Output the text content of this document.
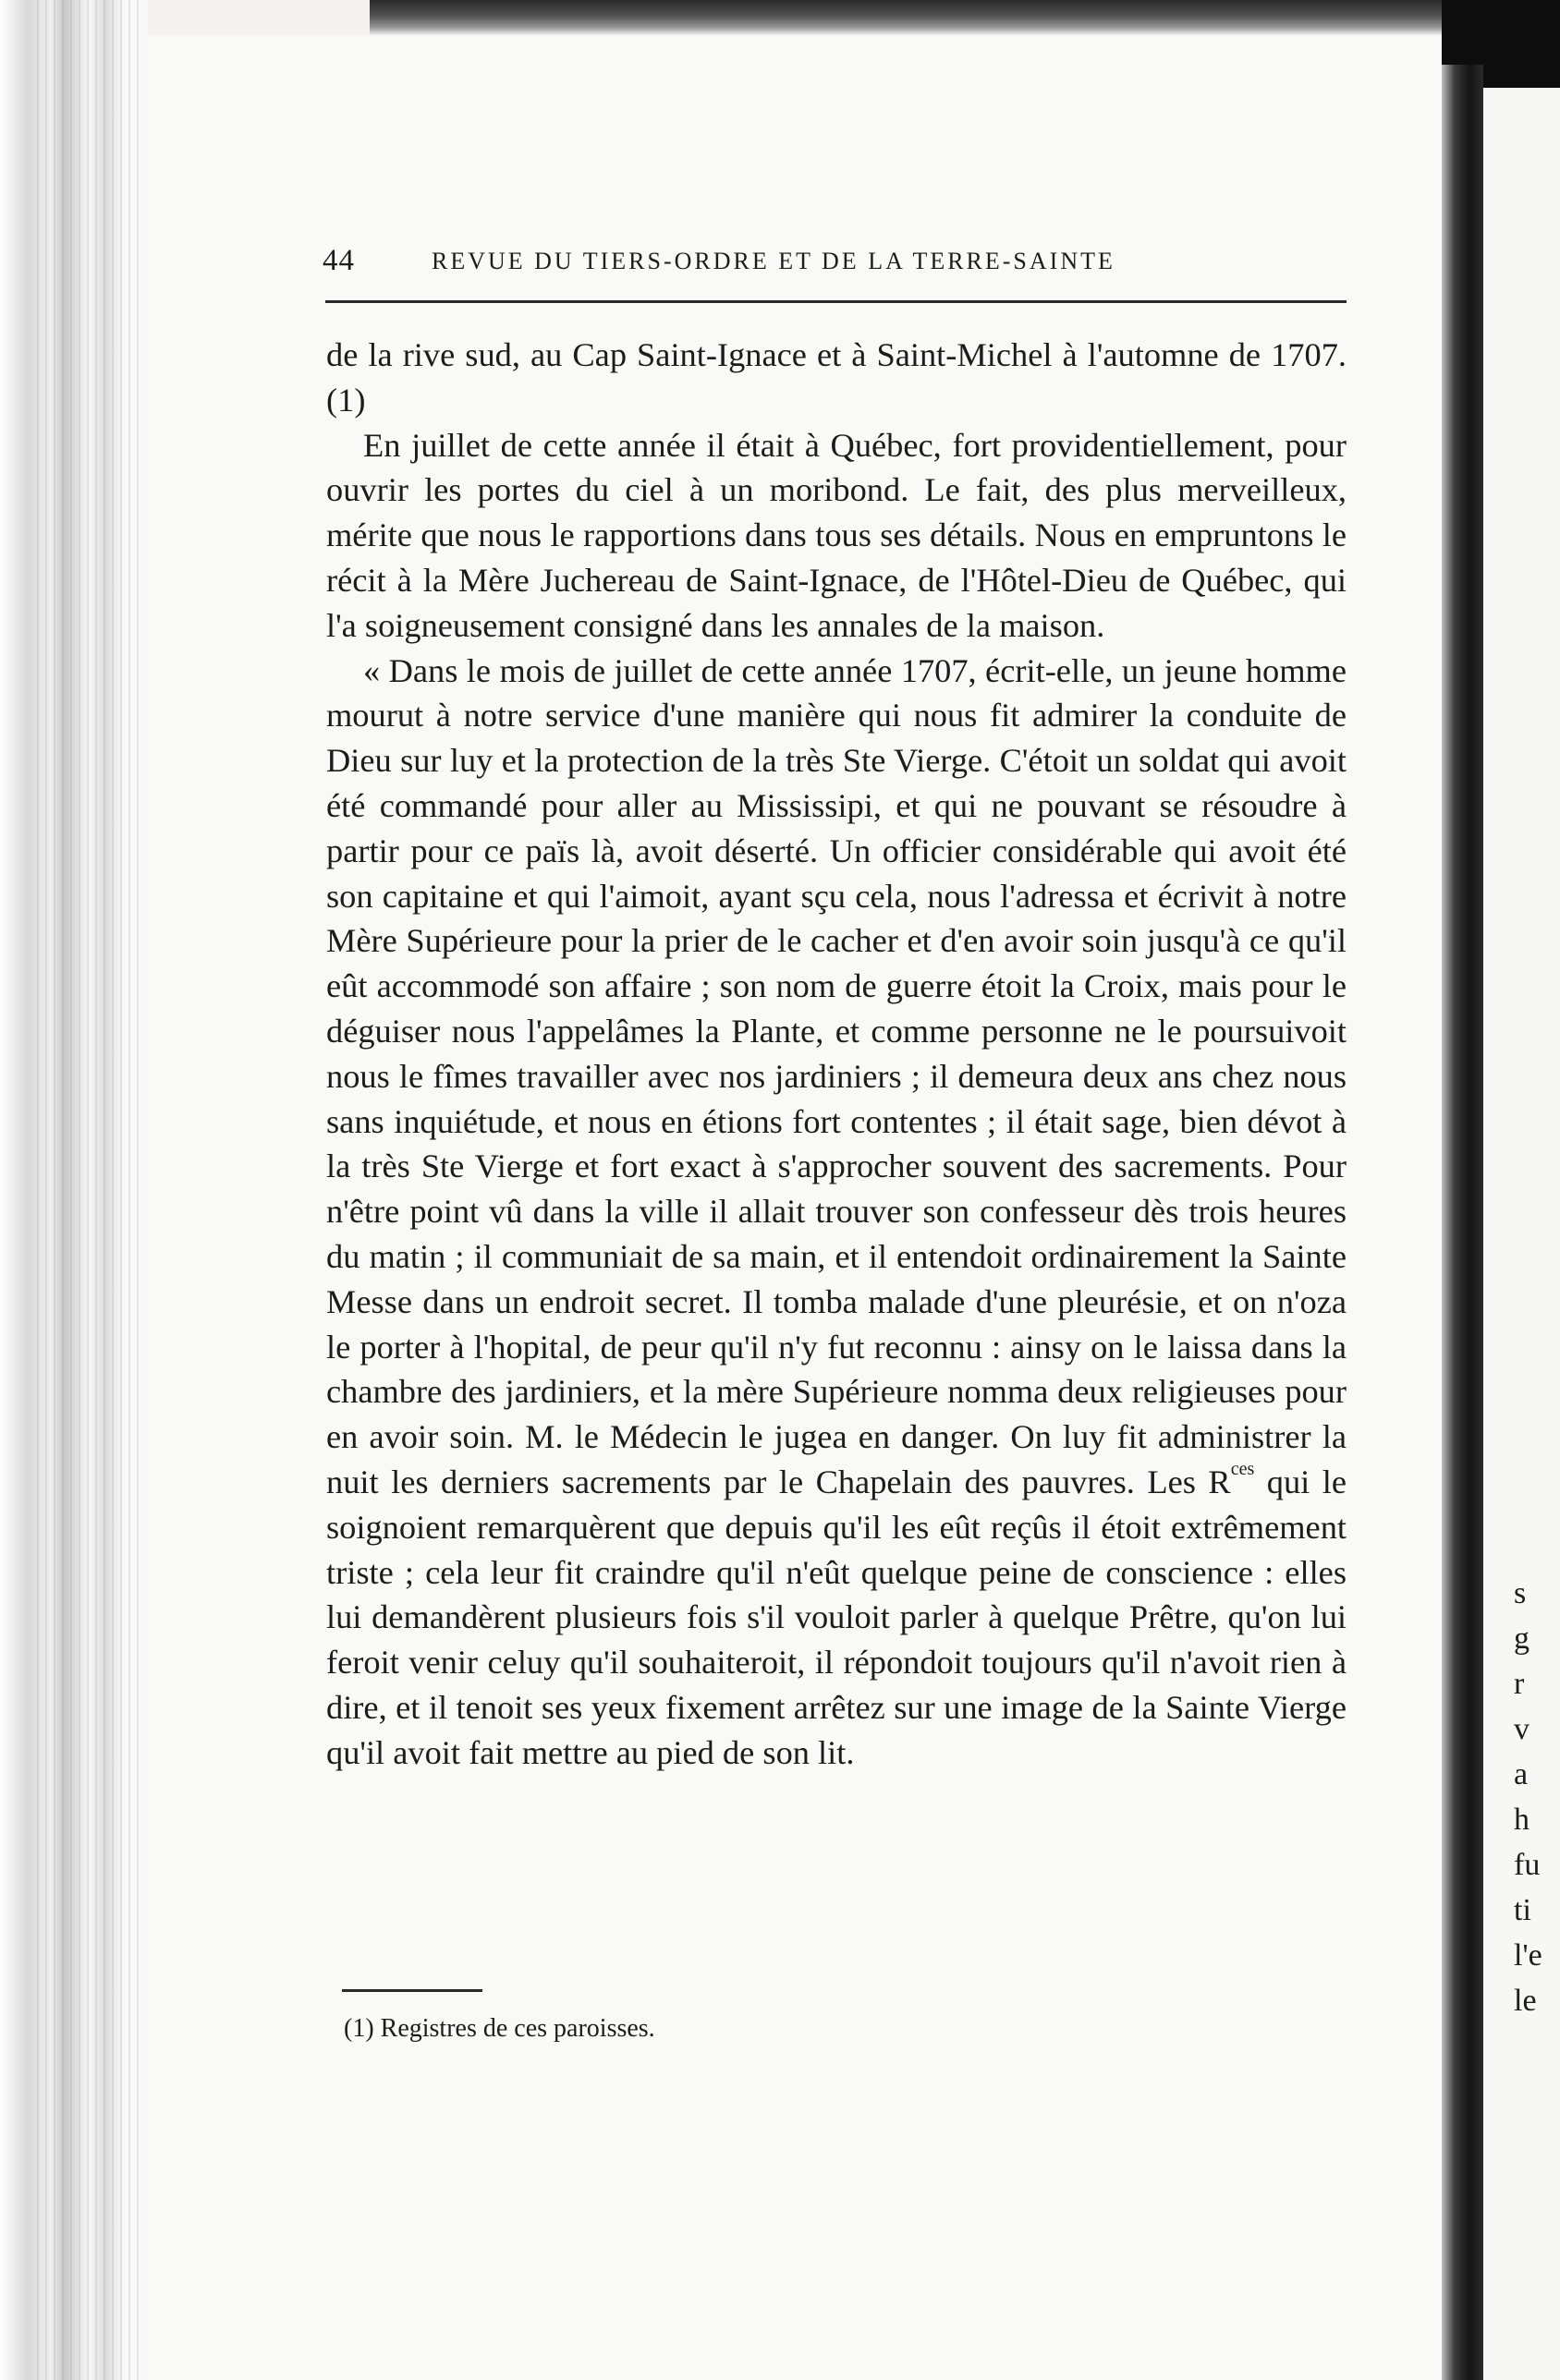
s
g
r
v
a
h
fu
ti
l'e
le
44	REVUE DU TIERS-ORDRE ET DE LA TERRE-SAINTE

de la rive sud, au Cap Saint-Ignace et à Saint-Michel à l'automne de 1707. (1)

En juillet de cette année il était à Québec, fort providentiellement, pour ouvrir les portes du ciel à un moribond. Le fait, des plus merveilleux, mérite que nous le rapportions dans tous ses détails. Nous en empruntons le récit à la Mère Juchereau de Saint-Ignace, de l'Hôtel-Dieu de Québec, qui l'a soigneusement consigné dans les annales de la maison.

« Dans le mois de juillet de cette année 1707, écrit-elle, un jeune homme mourut à notre service d'une manière qui nous fit admirer la conduite de Dieu sur luy et la protection de la très Ste Vierge. C'étoit un soldat qui avoit été commandé pour aller au Mississipi, et qui ne pouvant se résoudre à partir pour ce païs là, avoit déserté. Un officier considérable qui avoit été son capitaine et qui l'aimoit, ayant sçu cela, nous l'adressa et écrivit à notre Mère Supérieure pour la prier de le cacher et d'en avoir soin jusqu'à ce qu'il eût accommodé son affaire ; son nom de guerre étoit la Croix, mais pour le déguiser nous l'appelâmes la Plante, et comme personne ne le poursuivoit nous le fîmes travailler avec nos jardiniers ; il demeura deux ans chez nous sans inquiétude, et nous en étions fort contentes ; il était sage, bien dévot à la très Ste Vierge et fort exact à s'approcher souvent des sacrements. Pour n'être point vû dans la ville il allait trouver son confesseur dès trois heures du matin ; il communiait de sa main, et il entendoit ordinairement la Sainte Messe dans un endroit secret. Il tomba malade d'une pleurésie, et on n'oza le porter à l'hopital, de peur qu'il n'y fut reconnu : ainsy on le laissa dans la chambre des jardiniers, et la mère Supérieure nomma deux religieuses pour en avoir soin. M. le Médecin le jugea en danger. On luy fit administrer la nuit les derniers sacrements par le Chapelain des pauvres. Les $R^{ces}$ qui le soignoient remarquèrent que depuis qu'il les eût reçûs il étoit extrêmement triste ; cela leur fit craindre qu'il n'eût quelque peine de conscience : elles lui demandèrent plusieurs fois s'il vouloit parler à quelque Prêtre, qu'on lui feroit venir celuy qu'il souhaiteroit, il répondoit toujours qu'il n'avoit rien à dire, et il tenoit ses yeux fixement arrêtez sur une image de la Sainte Vierge qu'il avoit fait mettre au pied de son lit.

(1) Registres de ces paroisses.
